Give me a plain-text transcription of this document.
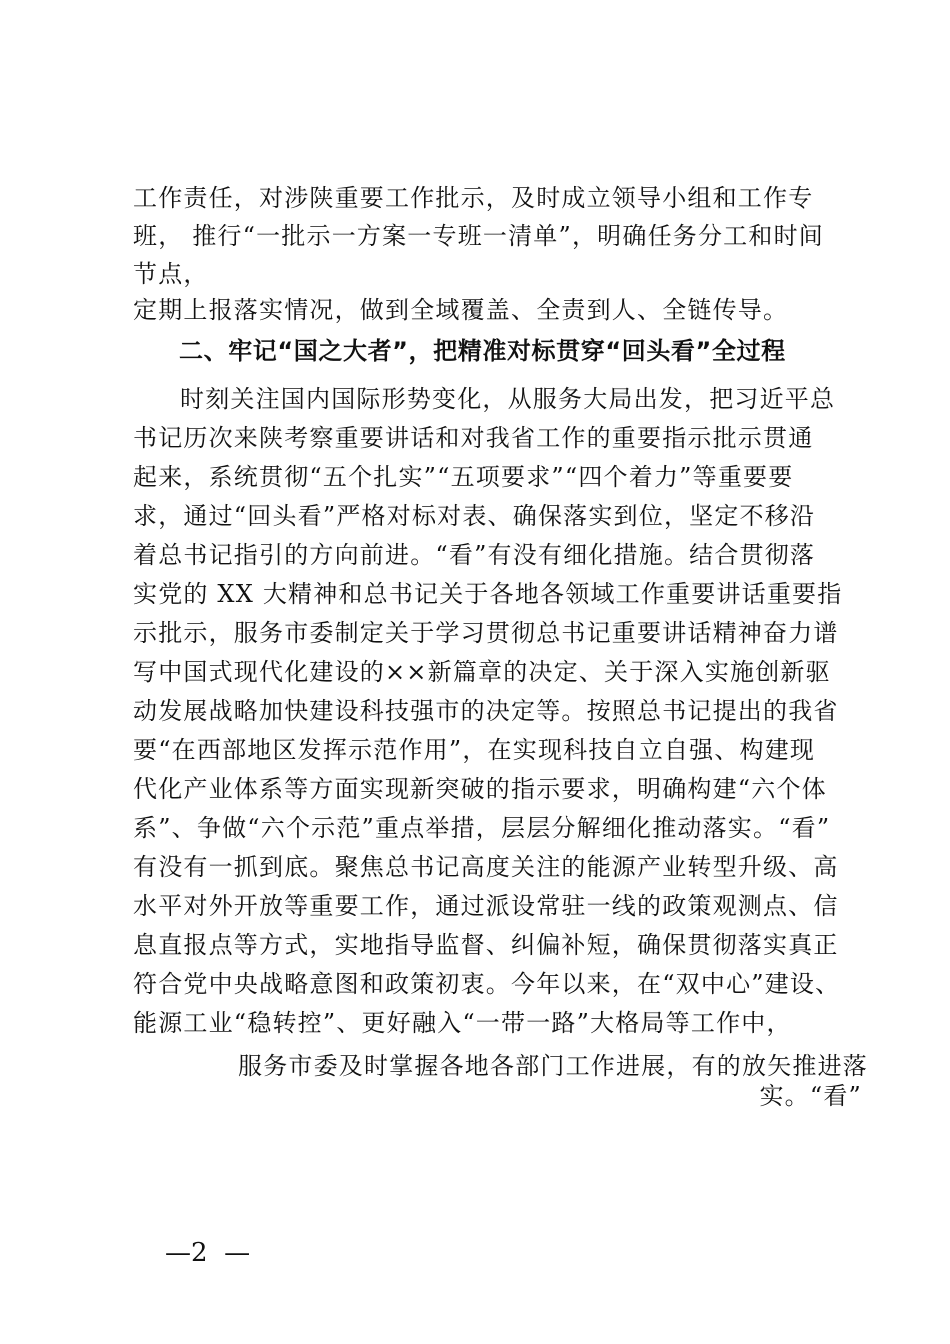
工作责任，对涉陕重要工作批示，及时成立领导小组和工作专
班， 推行“一批示一方案一专班一清单”，明确任务分工和时间
节点，
定期上报落实情况，做到全域覆盖、全责到人、全链传导。
二、牢记“国之大者”，把精准对标贯穿“回头看”全过程
时刻关注国内国际形势变化，从服务大局出发，把习近平总
书记历次来陕考察重要讲话和对我省工作的重要指示批示贯通
起来，系统贯彻“五个扎实”“五项要求”“四个着力”等重要要
求，通过“回头看”严格对标对表、确保落实到位，坚定不移沿
着总书记指引的方向前进。“看”有没有细化措施。结合贯彻落
实党的 XX 大精神和总书记关于各地各领域工作重要讲话重要指
示批示，服务市委制定关于学习贯彻总书记重要讲话精神奋力谱
写中国式现代化建设的××新篇章的决定、关于深入实施创新驱
动发展战略加快建设科技强市的决定等。按照总书记提出的我省
要“在西部地区发挥示范作用”，在实现科技自立自强、构建现
代化产业体系等方面实现新突破的指示要求，明确构建“六个体
系”、争做“六个示范”重点举措，层层分解细化推动落实。“看”
有没有一抓到底。聚焦总书记高度关注的能源产业转型升级、高
水平对外开放等重要工作，通过派设常驻一线的政策观测点、信
息直报点等方式，实地指导监督、纠偏补短，确保贯彻落实真正
符合党中央战略意图和政策初衷。今年以来，在“双中心”建设、
能源工业“稳转控”、更好融入“一带一路”大格局等工作中，
服务市委及时掌握各地各部门工作进展，有的放矢推进落
实。“看”
—2  —
